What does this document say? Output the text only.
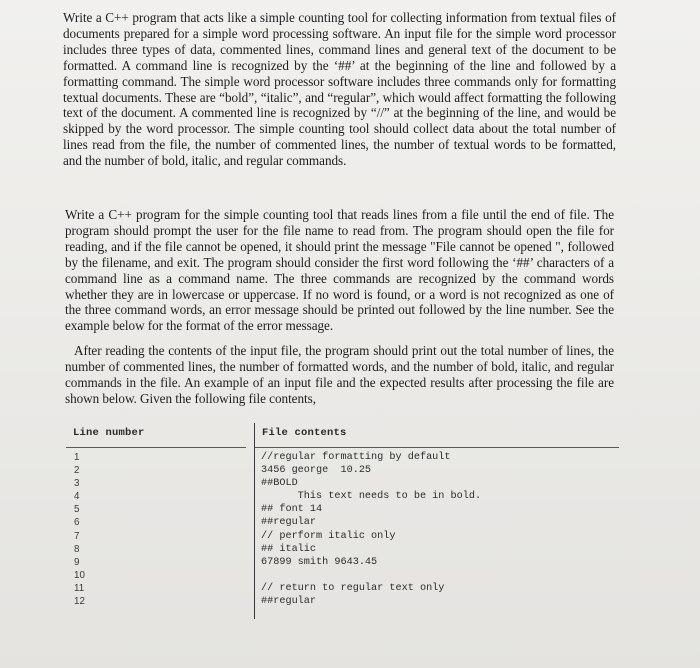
Write a C++ program that acts like a simple counting tool for collecting information from textual files of documents prepared for a simple word processing software. An input file for the simple word processor includes three types of data, commented lines, command lines and general text of the document to be formatted. A command line is recognized by the ‘##’ at the beginning of the line and followed by a formatting command. The simple word processor software includes three commands only for formatting textual documents. These are “bold”, “italic”, and “regular”, which would affect formatting the following text of the document. A commented line is recognized by “//” at the beginning of the line, and would be skipped by the word processor. The simple counting tool should collect data about the total number of lines read from the file, the number of commented lines, the number of textual words to be formatted, and the number of bold, italic, and regular commands.

Write a C++ program for the simple counting tool that reads lines from a file until the end of file. The program should prompt the user for the file name to read from. The program should open the file for reading, and if the file cannot be opened, it should print the message "File cannot be opened ", followed by the filename, and exit. The program should consider the first word following the ‘##’ characters of a command line as a command name. The three commands are recognized by the command words whether they are in lowercase or uppercase. If no word is found, or a word is not recognized as one of the three command words, an error message should be printed out followed by the line number. See the example below for the format of the error message.

After reading the contents of the input file, the program should print out the total number of lines, the number of commented lines, the number of formatted words, and the number of bold, italic, and regular commands in the file. An example of an input file and the expected results after processing the file are shown below. Given the following file contents,

Line number	File contents
1
2
3
4
5
6
7
8
9
10
11
12
//regular formatting by default
3456 george  10.25
##BOLD
This text needs to be in bold.
## font 14
##regular
// perform italic only
## italic
67899 smith 9643.45
// return to regular text only
##regular
